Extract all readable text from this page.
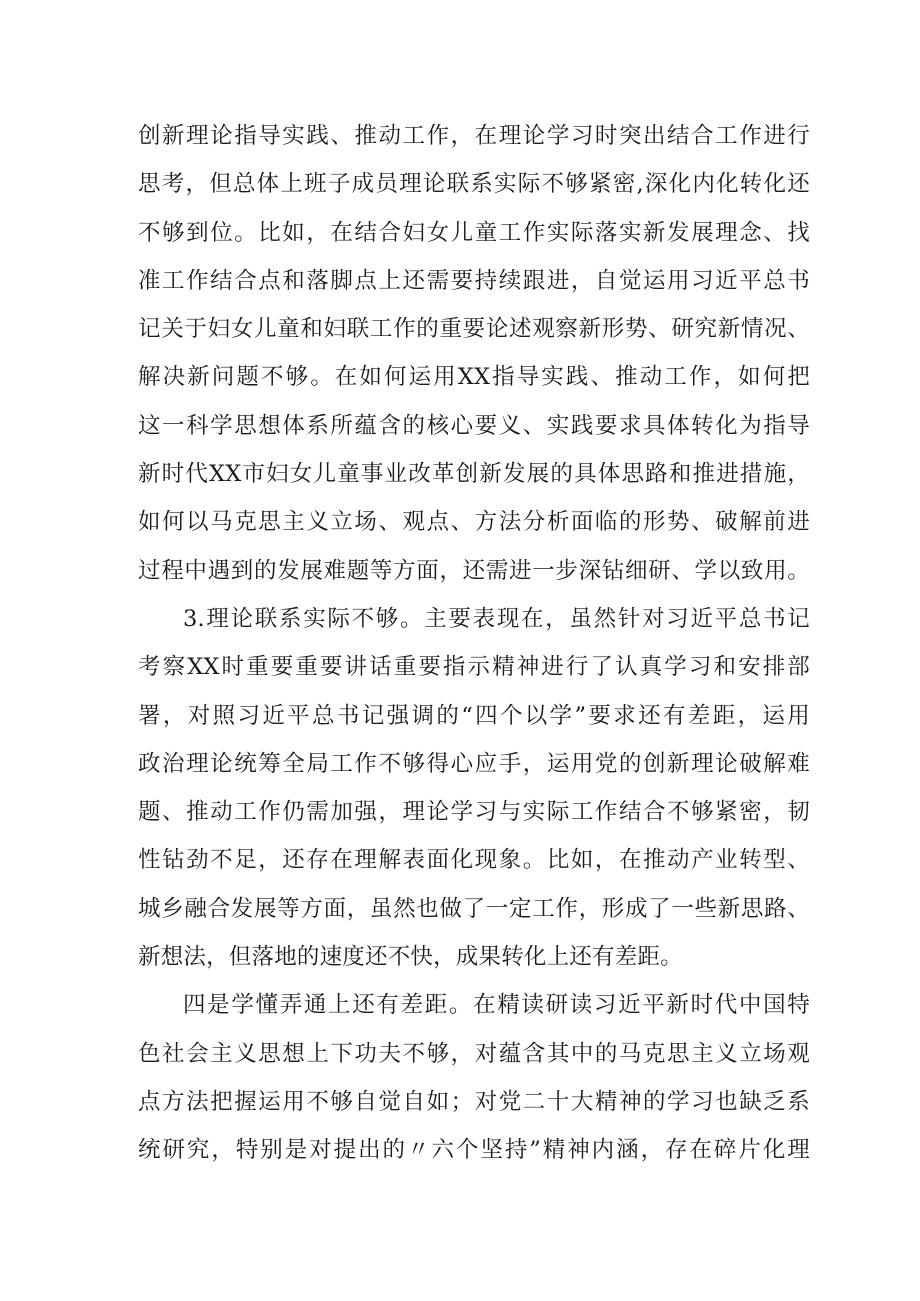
创新理论指导实践、推动工作，在理论学习时突出结合工作进行
思考，但总体上班子成员理论联系实际不够紧密,深化内化转化还
不够到位。比如，在结合妇女儿童工作实际落实新发展理念、找
准工作结合点和落脚点上还需要持续跟进，自觉运用习近平总书
记关于妇女儿童和妇联工作的重要论述观察新形势、研究新情况、
解决新问题不够。在如何运用XX指导实践、推动工作，如何把
这一科学思想体系所蕴含的核心要义、实践要求具体转化为指导
新时代XX市妇女儿童事业改革创新发展的具体思路和推进措施，
如何以马克思主义立场、观点、方法分析面临的形势、破解前进
过程中遇到的发展难题等方面，还需进一步深钻细研、学以致用。
3.理论联系实际不够。主要表现在，虽然针对习近平总书记
考察XX时重要重要讲话重要指示精神进行了认真学习和安排部
署，对照习近平总书记强调的“四个以学”要求还有差距，运用
政治理论统筹全局工作不够得心应手，运用党的创新理论破解难
题、推动工作仍需加强，理论学习与实际工作结合不够紧密，韧
性钻劲不足，还存在理解表面化现象。比如，在推动产业转型、
城乡融合发展等方面，虽然也做了一定工作，形成了一些新思路、
新想法，但落地的速度还不快，成果转化上还有差距。
四是学懂弄通上还有差距。在精读研读习近平新时代中国特
色社会主义思想上下功夫不够，对蕴含其中的马克思主义立场观
点方法把握运用不够自觉自如；对党二十大精神的学习也缺乏系
统研究，特别是对提出的〃六个坚持”精神内涵，存在碎片化理
